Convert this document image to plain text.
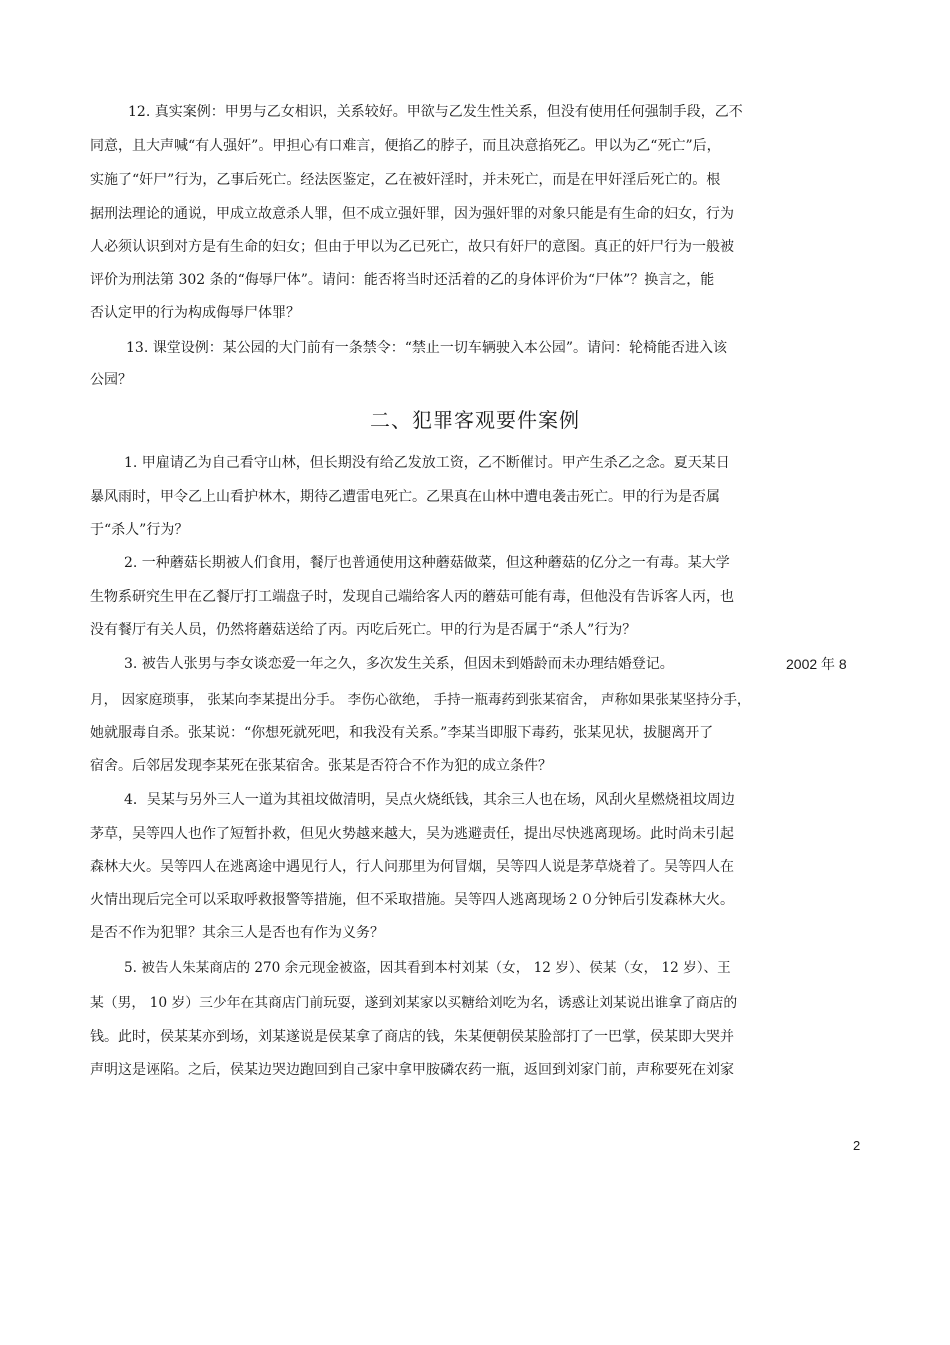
12. 真实案例：甲男与乙女相识，关系较好。甲欲与乙发生性关系，但没有使用任何强制手段，乙不
同意，且大声喊“有人强奸”。甲担心有口难言，便掐乙的脖子，而且决意掐死乙。甲以为乙“死亡”后，
实施了“奸尸”行为，乙事后死亡。经法医鉴定，乙在被奸淫时，并未死亡，而是在甲奸淫后死亡的。根
据刑法理论的通说，甲成立故意杀人罪，但不成立强奸罪，因为强奸罪的对象只能是有生命的妇女，行为
人必须认识到对方是有生命的妇女；但由于甲以为乙已死亡，故只有奸尸的意图。真正的奸尸行为一般被
评价为刑法第 302 条的“侮辱尸体”。请问：能否将当时还活着的乙的身体评价为“尸体”？换言之，能
否认定甲的行为构成侮辱尸体罪？
13. 课堂设例：某公园的大门前有一条禁令：“禁止一切车辆驶入本公园”。请问：轮椅能否进入该
公园？
二、犯罪客观要件案例
1. 甲雇请乙为自己看守山林，但长期没有给乙发放工资，乙不断催讨。甲产生杀乙之念。夏天某日
暴风雨时，甲令乙上山看护林木，期待乙遭雷电死亡。乙果真在山林中遭电袭击死亡。甲的行为是否属
于“杀人”行为？
2. 一种蘑菇长期被人们食用，餐厅也普通使用这种蘑菇做菜，但这种蘑菇的亿分之一有毒。某大学
生物系研究生甲在乙餐厅打工端盘子时，发现自己端给客人丙的蘑菇可能有毒，但他没有告诉客人丙，也
没有餐厅有关人员，仍然将蘑菇送给了丙。丙吃后死亡。甲的行为是否属于“杀人”行为？
3. 被告人张男与李女谈恋爱一年之久，多次发生关系，但因未到婚龄而未办理结婚登记。	2002 年 8
月， 因家庭琐事， 张某向李某提出分手。 李伤心欲绝， 手持一瓶毒药到张某宿舍， 声称如果张某坚持分手，
她就服毒自杀。张某说：“你想死就死吧，和我没有关系。”李某当即服下毒药，张某见状，拔腿离开了
宿舍。后邻居发现李某死在张某宿舍。张某是否符合不作为犯的成立条件？
4．吴某与另外三人一道为其祖坟做清明，吴点火烧纸钱，其余三人也在场，风刮火星燃烧祖坟周边
茅草，吴等四人也作了短暂扑救，但见火势越来越大，吴为逃避责任，提出尽快逃离现场。此时尚未引起
森林大火。吴等四人在逃离途中遇见行人，行人问那里为何冒烟，吴等四人说是茅草烧着了。吴等四人在
火情出现后完全可以采取呼救报警等措施，但不采取措施。吴等四人逃离现场２０分钟后引发森林大火。
是否不作为犯罪？其余三人是否也有作为义务？
5. 被告人朱某商店的 270 余元现金被盗，因其看到本村刘某（女， 12 岁）、侯某（女， 12 岁）、王
某（男， 10 岁）三少年在其商店门前玩耍，遂到刘某家以买糖给刘吃为名，诱惑让刘某说出谁拿了商店的
钱。此时，侯某某亦到场，刘某遂说是侯某拿了商店的钱，朱某便朝侯某脸部打了一巴掌，侯某即大哭并
声明这是诬陷。之后，侯某边哭边跑回到自己家中拿甲胺磷农药一瓶，返回到刘家门前，声称要死在刘家
2
